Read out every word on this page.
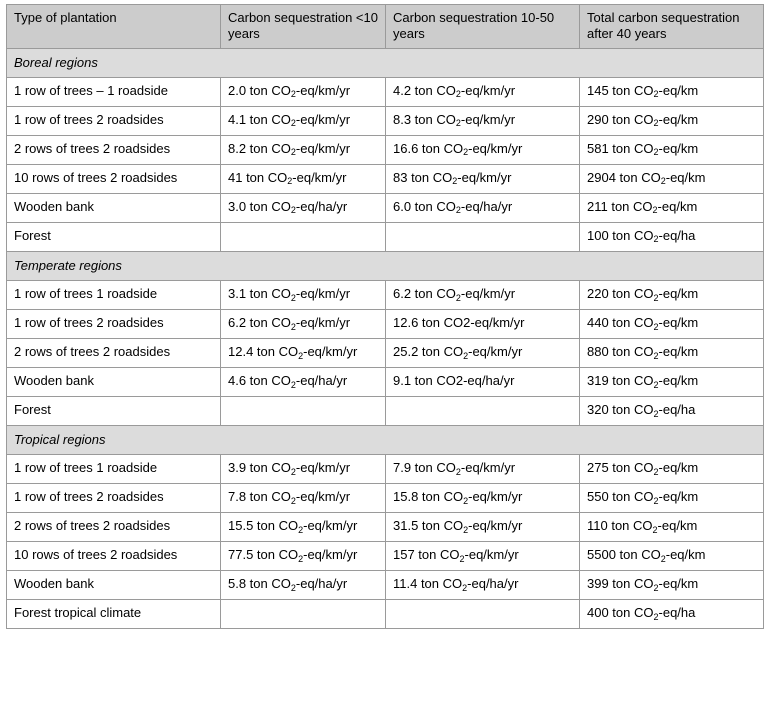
Type of plantation	Carbon sequestration <10 years	Carbon sequestration 10-50 years	Total carbon sequestration after 40 years
Boreal regions			
1 row of trees – 1 roadside	2.0 ton $CO_2-eq/km/yr$	4.2 ton $CO_2-eq/km/yr$	145 ton $CO_2-eq/km$
1 row of trees 2 roadsides	4.1 ton $CO_2-eq/km/yr$	8.3 ton $CO_2-eq/km/yr$	290 ton $CO_2-eq/km$
2 rows of trees 2 roadsides	8.2 ton $CO_2-eq/km/yr$	16.6 ton $CO_2-eq/km/yr$	581 ton $CO_2-eq/km$
10 rows of trees 2 roadsides	41 ton $CO_2-eq/km/yr$	83 ton $CO_2-eq/km/yr$	2904 ton $CO_2-eq/km$
Wooden bank	3.0 ton $CO_2-eq/ha/yr$	6.0 ton $CO_2-eq/ha/yr$	211 ton $CO_2-eq/km$
Forest			100 ton $CO_2-eq/ha$
Temperate regions			
1 row of trees 1 roadside	3.1 ton $CO_2-eq/km/yr$	6.2 ton $CO_2-eq/km/yr$	220 ton $CO_2-eq/km$
1 row of trees 2 roadsides	6.2 ton $CO_2-eq/km/yr$	12.6 ton CO2-eq/km/yr	440 ton $CO_2-eq/km$
2 rows of trees 2 roadsides	12.4 ton $CO_2-eq/km/yr$	25.2 ton $CO_2-eq/km/yr$	880 ton $CO_2-eq/km$
Wooden bank	4.6 ton $CO_2-eq/ha/yr$	9.1 ton CO2-eq/ha/yr	319 ton $CO_2-eq/km$
Forest			320 ton $CO_2-eq/ha$
Tropical regions			
1 row of trees 1 roadside	3.9 ton $CO_2-eq/km/yr$	7.9 ton $CO_2-eq/km/yr$	275 ton $CO_2-eq/km$
1 row of trees 2 roadsides	7.8 ton $CO_2-eq/km/yr$	15.8 ton $CO_2-eq/km/yr$	550 ton $CO_2-eq/km$
2 rows of trees 2 roadsides	15.5 ton $CO_2-eq/km/yr$	31.5 ton $CO_2-eq/km/yr$	110 ton $CO_2-eq/km$
10 rows of trees 2 roadsides	77.5 ton $CO_2-eq/km/yr$	157 ton $CO_2-eq/km/yr$	5500 ton $CO_2-eq/km$
Wooden bank	5.8 ton $CO_2-eq/ha/yr$	11.4 ton $CO_2-eq/ha/yr$	399 ton $CO_2-eq/km$
Forest tropical climate			400 ton $CO_2-eq/ha$
